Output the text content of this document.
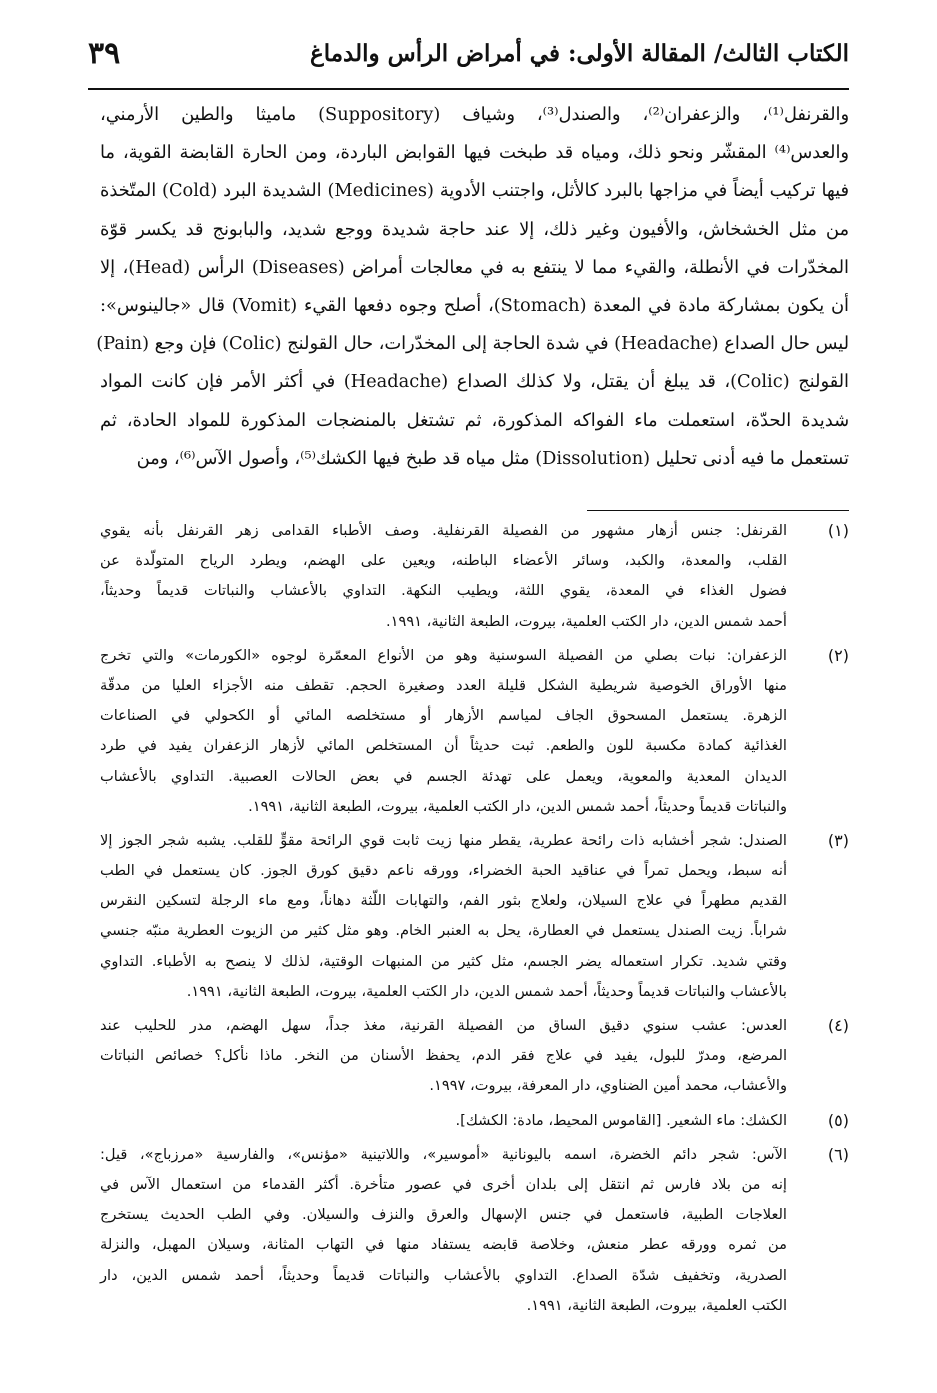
الكتاب الثالث/ المقالة الأولى: في أمراض الرأس والدماغ
٣٩
والقرنفل⁽¹⁾، والزعفران⁽²⁾، والصندل⁽³⁾، وشياف (Suppository) ماميثا والطين الأرمني،
والعدس⁽⁴⁾ المقشّر ونحو ذلك، ومياه قد طبخت فيها القوابض الباردة، ومن الحارة القابضة القوية، ما
فيها تركيب أيضاً في مزاجها بالبرد كالأثل، واجتنب الأدوية (Medicines) الشديدة البرد (Cold) المتّخذة
من مثل الخشخاش، والأفيون وغير ذلك، إلا عند حاجة شديدة ووجع شديد، والبابونج قد يكسر قوّة
المخدّرات في الأنطلة، والقيء مما لا ينتفع به في معالجات أمراض (Diseases) الرأس (Head)، إلا
أن يكون بمشاركة مادة في المعدة (Stomach)، أصلح وجوه دفعها القيء (Vomit) قال «جالينوس»:
ليس حال الصداع (Headache) في شدة الحاجة إلى المخدّرات، حال القولنج (Colic) فإن وجع (Pain)
القولنج (Colic)، قد يبلغ أن يقتل، ولا كذلك الصداع (Headache) في أكثر الأمر فإن كانت المواد
شديدة الحدّة، استعملت ماء الفواكه المذكورة، ثم تشتغل بالمنضجات المذكورة للمواد الحادة، ثم
تستعمل ما فيه أدنى تحليل (Dissolution) مثل مياه قد طبخ فيها الكشك⁽⁵⁾، وأصول الآس⁽⁶⁾، ومن
(١)
القرنفل: جنس أزهار مشهور من الفصيلة القرنفلية. وصف الأطباء القدامى زهر القرنفل بأنه يقوي
القلب، والمعدة، والكبد، وسائر الأعضاء الباطنه، ويعين على الهضم، ويطرد الرياح المتولّدة عن
فضول الغذاء في المعدة، يقوي اللثة، ويطيب النكهة. التداوي بالأعشاب والنباتات قديماً وحديثاً،
أحمد شمس الدين، دار الكتب العلمية، بيروت، الطبعة الثانية، ١٩٩١.
(٢)
الزعفران: نبات بصلي من الفصيلة السوسنية وهو من الأنواع المعمّرة لوجوه «الكورمات» والتي تخرج
منها الأوراق الخوصية شريطية الشكل قليلة العدد وصغيرة الحجم. تقطف منه الأجزاء العليا من مدقّة
الزهرة. يستعمل المسحوق الجاف لمياسم الأزهار أو مستخلصه المائي أو الكحولي في الصناعات
الغذائية كمادة مكسبة للون والطعم. ثبت حديثاً أن المستخلص المائي لأزهار الزعفران يفيد في طرد
الديدان المعدية والمعوية، ويعمل على تهدئة الجسم في بعض الحالات العصبية. التداوي بالأعشاب
والنباتات قديماً وحديثاً، أحمد شمس الدين، دار الكتب العلمية، بيروت، الطبعة الثانية، ١٩٩١.
(٣)
الصندل: شجر أخشابه ذات رائحة عطرية، يقطر منها زيت ثابت قوي الرائحة مقوٍّ للقلب. يشبه شجر الجوز إلا
أنه سبط، ويحمل تمراً في عناقيد الحبة الخضراء، وورقه ناعم دقيق كورق الجوز. كان يستعمل في الطب
القديم مطهراً في علاج السيلان، ولعلاج بثور الفم، والتهابات اللّثة دهاناً، ومع ماء الرجلة لتسكين النقرس
شراباً. زيت الصندل يستعمل في العطارة، يحل به العنبر الخام. وهو مثل كثير من الزيوت العطرية منبّه جنسي
وقتي شديد. تكرار استعماله يضر الجسم، مثل كثير من المنبهات الوقتية، لذلك لا ينصح به الأطباء. التداوي
بالأعشاب والنباتات قديماً وحديثاً، أحمد شمس الدين، دار الكتب العلمية، بيروت، الطبعة الثانية، ١٩٩١.
(٤)
العدس: عشب سنوي دقيق الساق من الفصيلة القرنية، مغذ جداً، سهل الهضم، مدر للحليب عند
المرضع، ومدرّ للبول، يفيد في علاج فقر الدم، يحفظ الأسنان من النخر. ماذا نأكل؟ خصائص النباتات
والأعشاب، محمد أمين الضناوي، دار المعرفة، بيروت، ١٩٩٧.
(٥)
الكشك: ماء الشعير. [القاموس المحيط، مادة: الكشك].
(٦)
الآس: شجر دائم الخضرة، اسمه باليونانية «أموسير»، واللاتينية «مؤنس»، والفارسية «مرزباج»، قيل:
إنه من بلاد فارس ثم انتقل إلى بلدان أخرى في عصور متأخرة. أكثر القدماء من استعمال الآس في
العلاجات الطبية، فاستعمل في جنس الإسهال والعرق والنزف والسيلان. وفي الطب الحديث يستخرج
من ثمره وورقه عطر منعش، وخلاصة قابضه يستفاد منها في التهاب المثانة، وسيلان المهبل، والنزلة
الصدرية، وتخفيف شدّة الصداع. التداوي بالأعشاب والنباتات قديماً وحديثاً، أحمد شمس الدين، دار
الكتب العلمية، بيروت، الطبعة الثانية، ١٩٩١.
